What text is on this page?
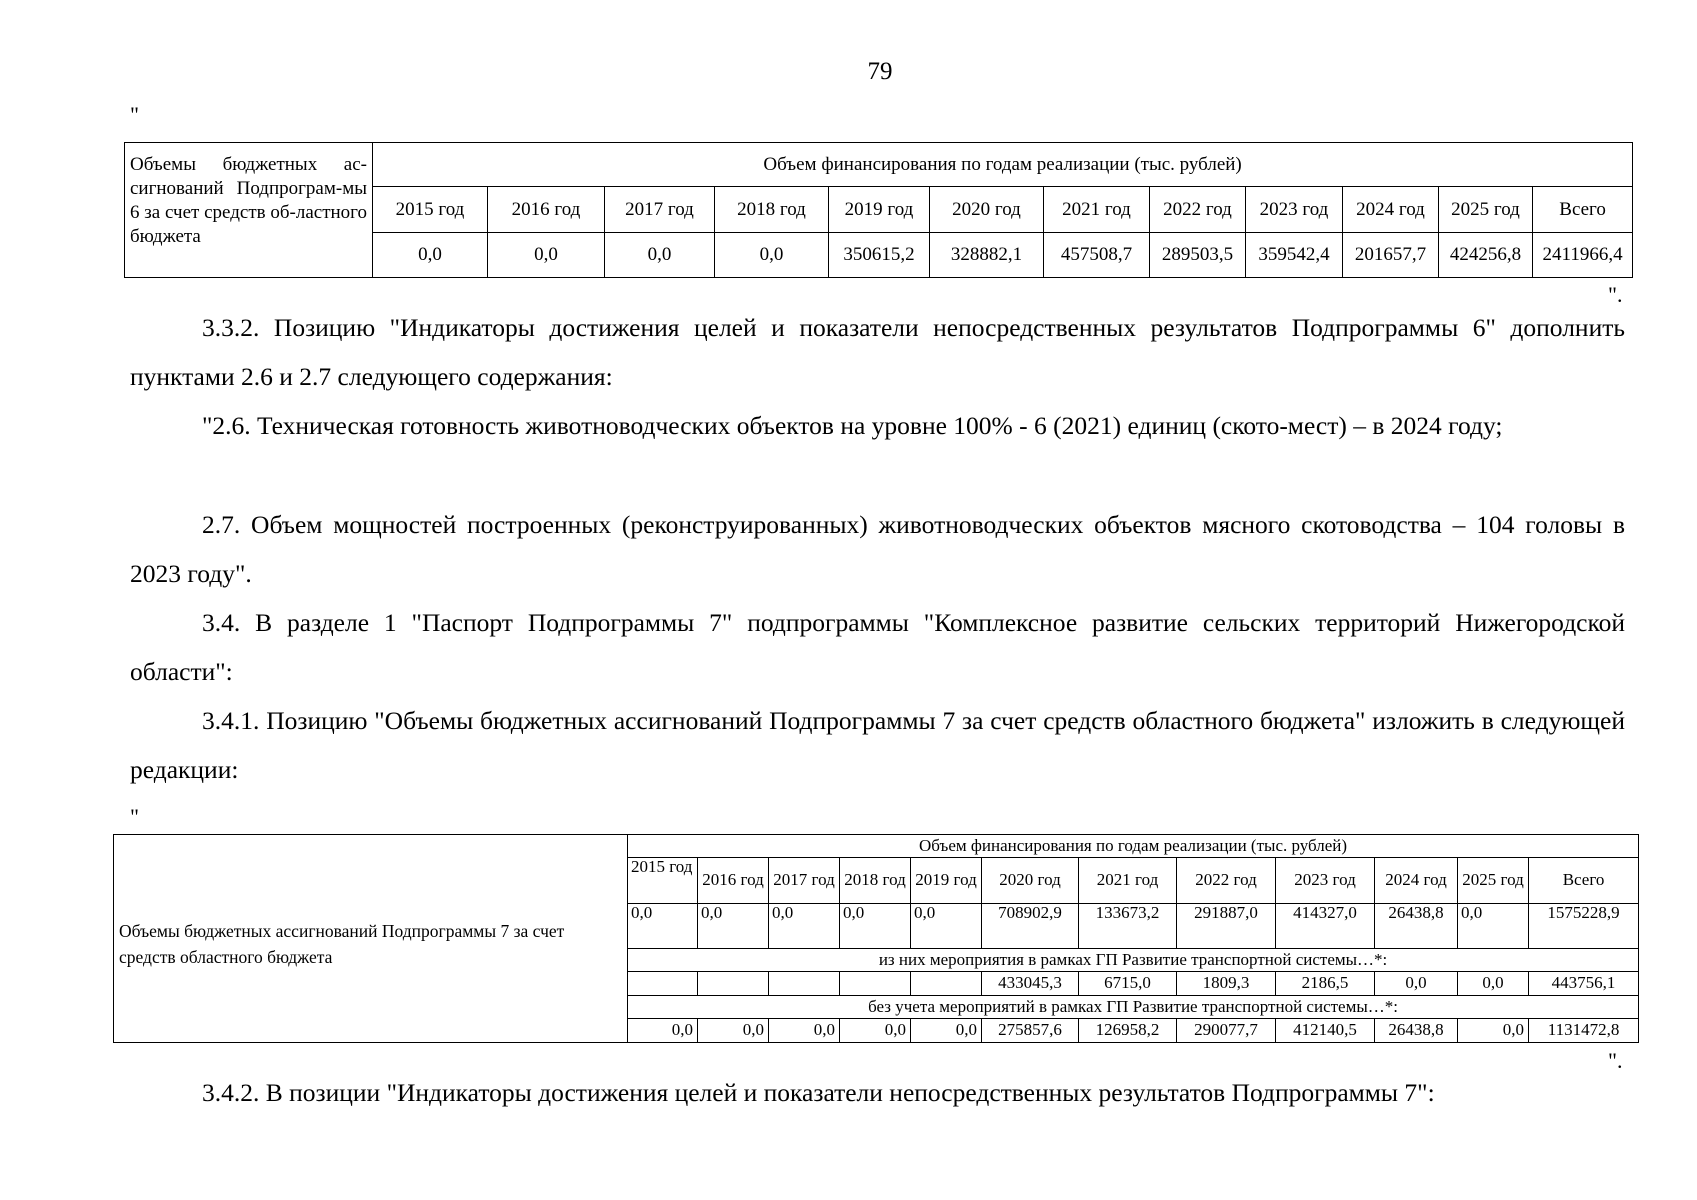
79
"
Объемы бюджетных ас-сигнований Подпрограм-мы 6 за счет средств об-ластного бюджета	Объем финансирования по годам реализации (тыс. рублей)											
	2015 год	2016 год	2017 год	2018 год	2019 год	2020 год	2021 год	2022 год	2023 год	2024 год	2025 год	Всего
	0,0	0,0	0,0	0,0	350615,2	328882,1	457508,7	289503,5	359542,4	201657,7	424256,8	2411966,4
".
3.3.2. Позицию "Индикаторы достижения целей и показатели непосредственных результатов Подпрограммы 6" дополнить пунктами 2.6 и 2.7 следующего содержания:
"2.6. Техническая готовность животноводческих объектов на уровне 100% - 6 (2021) единиц (ското-мест) – в 2024 году;
2.7. Объем мощностей построенных (реконструированных) животноводческих объектов мясного скотоводства – 104 головы в 2023 году".
3.4. В разделе 1 "Паспорт Подпрограммы 7" подпрограммы "Комплексное развитие сельских территорий Нижегородской области":
3.4.1. Позицию "Объемы бюджетных ассигнований Подпрограммы 7 за счет средств областного бюджета" изложить в следующей редакции:
"
Объемы бюджетных ассигнований Подпрограммы 7 за счет средств областного бюджета	Объем финансирования по годам реализации (тыс. рублей)											
	2015 год	2016 год	2017 год	2018 год	2019 год	2020 год	2021 год	2022 год	2023 год	2024 год	2025 год	Всего
	0,0	0,0	0,0	0,0	0,0	708902,9	133673,2	291887,0	414327,0	26438,8	0,0	1575228,9
	из них мероприятия в рамках ГП Развитие транспортной системы…*:											
						433045,3	6715,0	1809,3	2186,5	0,0	0,0	443756,1
	без учета мероприятий в рамках ГП Развитие транспортной системы…*:											
	0,0	0,0	0,0	0,0	0,0	275857,6	126958,2	290077,7	412140,5	26438,8	0,0	1131472,8
".
3.4.2. В позиции "Индикаторы достижения целей и показатели непосредственных результатов Подпрограммы 7":
